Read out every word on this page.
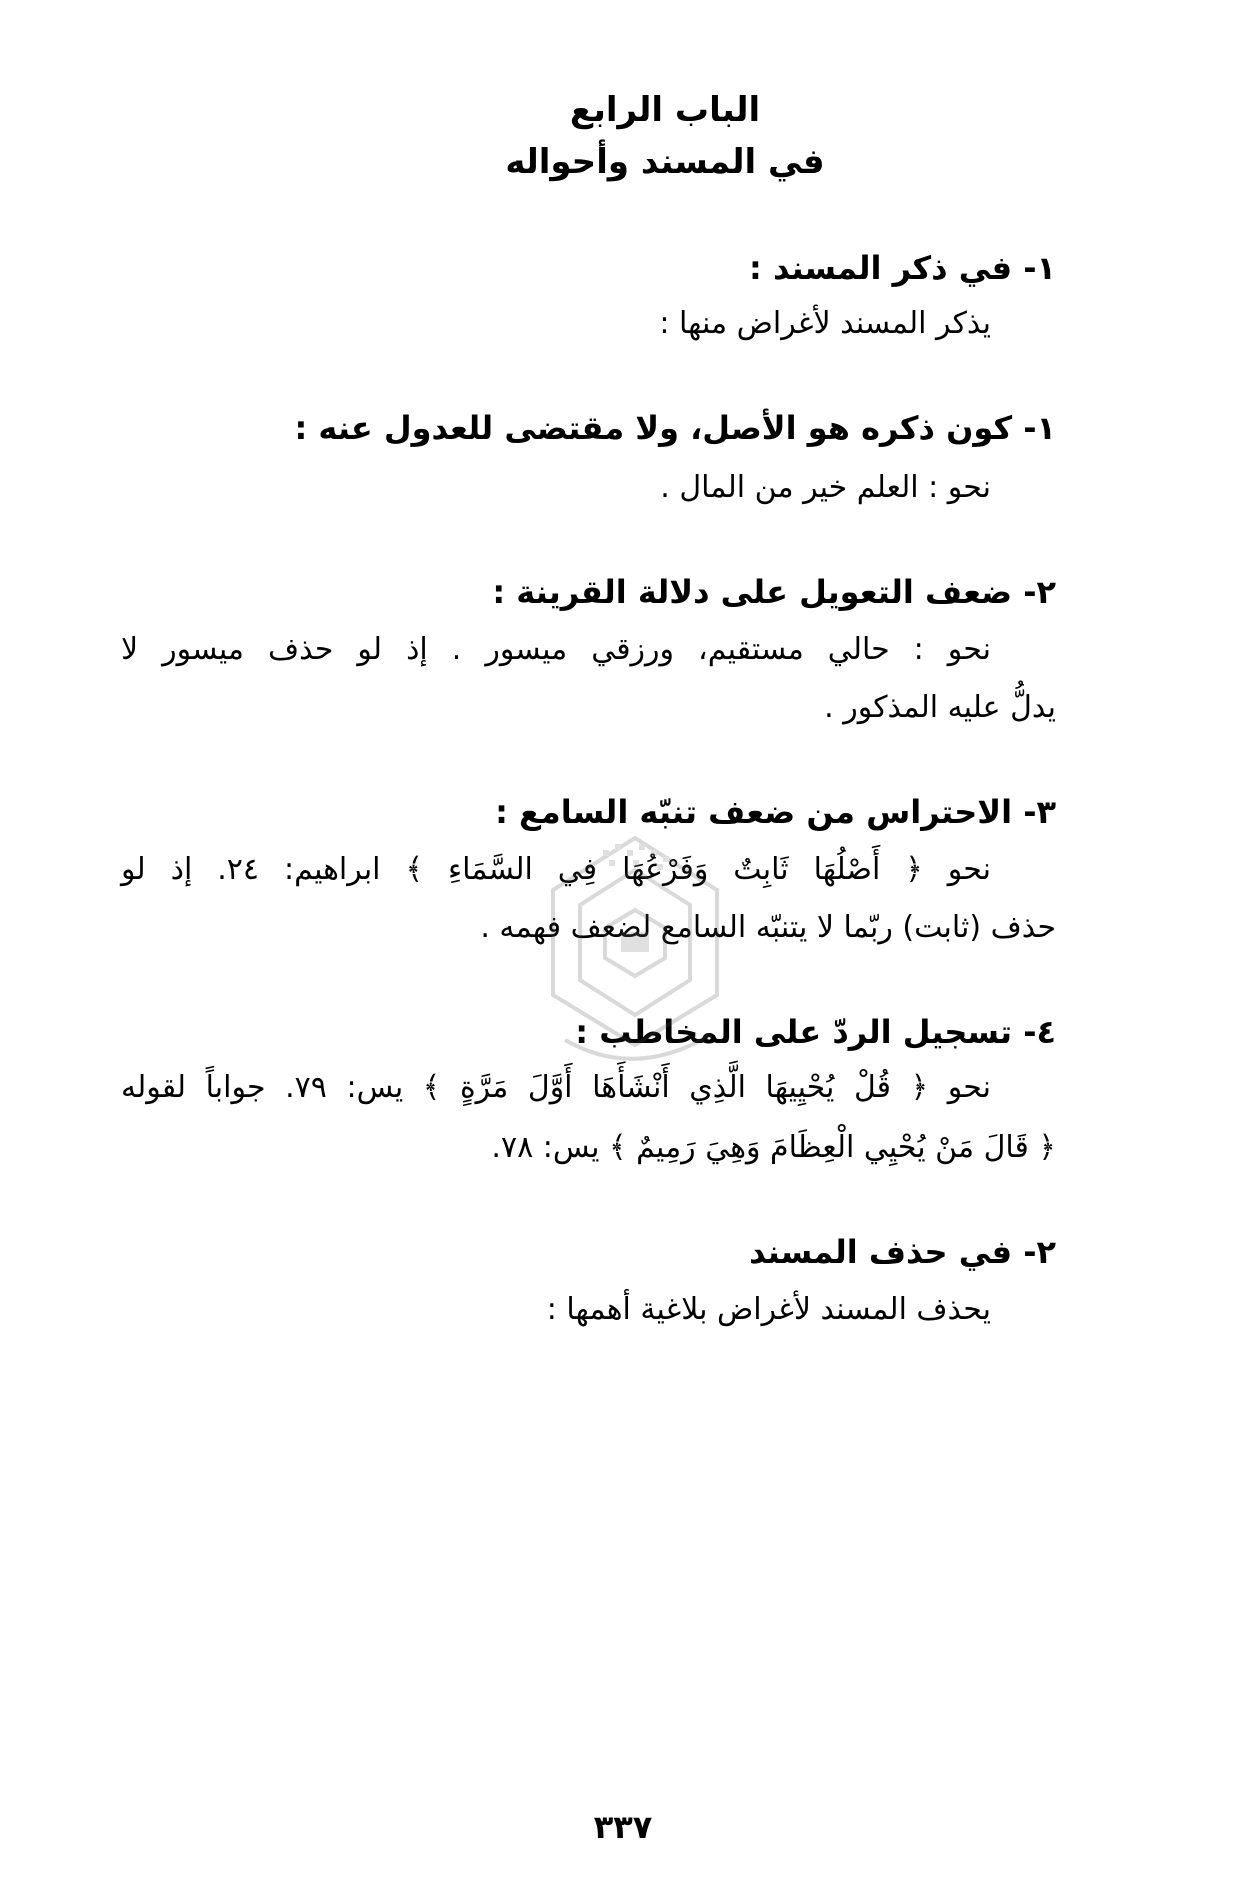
الباب الرابع
في المسند وأحواله
١- في ذكر المسند :
يذكر المسند لأغراض منها :
١- كون ذكره هو الأصل، ولا مقتضى للعدول عنه :
نحو : العلم خير من المال .
٢- ضعف التعويل على دلالة القرينة :
نحو : حالي مستقيم، ورزقي ميسور . إذ لو حذف ميسور لا
يدلُّ عليه المذكور .
٣- الاحتراس من ضعف تنبّه السامع :
نحو ﴿ أَصْلُهَا ثَابِتٌ وَفَرْعُهَا فِي السَّمَاءِ ﴾ ابراهيم: ٢٤. إذ لو
حذف (ثابت) ربّما لا يتنبّه السامع لضعف فهمه .
٤- تسجيل الردّ على المخاطب :
نحو ﴿ قُلْ يُحْيِيهَا الَّذِي أَنْشَأَهَا أَوَّلَ مَرَّةٍ ﴾ يس: ٧٩. جواباً لقوله
﴿ قَالَ مَنْ يُحْيِي الْعِظَامَ وَهِيَ رَمِيمٌ ﴾ يس: ٧٨.
٢- في حذف المسند
يحذف المسند لأغراض بلاغية أهمها :
٣٣٧
